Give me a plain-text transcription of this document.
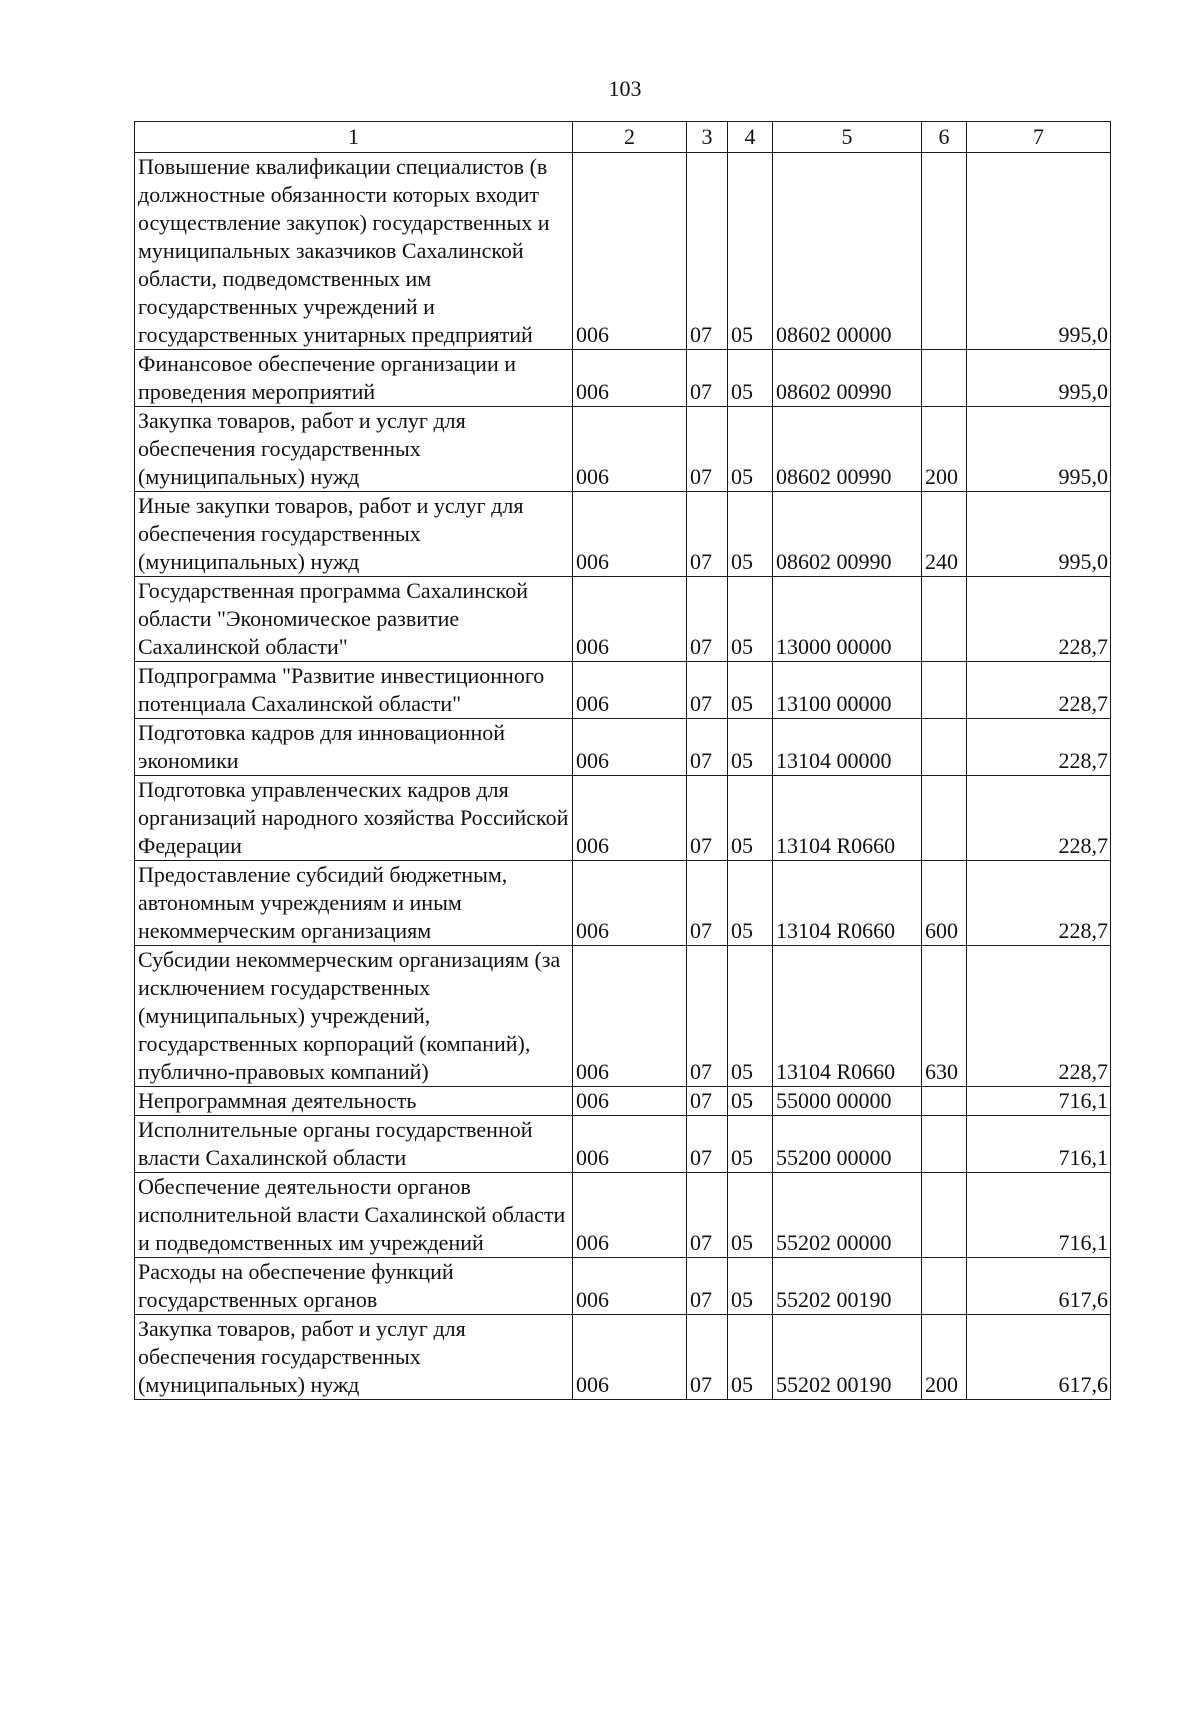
103
1	2	3	4	5	6	7
Повышение квалификации специалистов (в должностные обязанности которых входит осуществление закупок) государственных и муниципальных заказчиков Сахалинской области, подведомственных им государственных учреждений и государственных унитарных предприятий	006	07	05	08602 00000		995,0
Финансовое обеспечение организации и проведения мероприятий	006	07	05	08602 00990		995,0
Закупка товаров, работ и услуг для обеспечения государственных (муниципальных) нужд	006	07	05	08602 00990	200	995,0
Иные закупки товаров, работ и услуг для обеспечения государственных (муниципальных) нужд	006	07	05	08602 00990	240	995,0
Государственная программа Сахалинской области "Экономическое развитие Сахалинской области"	006	07	05	13000 00000		228,7
Подпрограмма "Развитие инвестиционного потенциала Сахалинской области"	006	07	05	13100 00000		228,7
Подготовка кадров для инновационной экономики	006	07	05	13104 00000		228,7
Подготовка управленческих кадров для организаций народного хозяйства Российской Федерации	006	07	05	13104 R0660		228,7
Предоставление субсидий бюджетным, автономным учреждениям и иным некоммерческим организациям	006	07	05	13104 R0660	600	228,7
Субсидии некоммерческим организациям (за исключением государственных (муниципальных) учреждений, государственных корпораций (компаний), публично-правовых компаний)	006	07	05	13104 R0660	630	228,7
Непрограммная деятельность	006	07	05	55000 00000		716,1
Исполнительные органы государственной власти Сахалинской области	006	07	05	55200 00000		716,1
Обеспечение деятельности органов исполнительной власти Сахалинской области и подведомственных им учреждений	006	07	05	55202 00000		716,1
Расходы на обеспечение функций государственных органов	006	07	05	55202 00190		617,6
Закупка товаров, работ и услуг для обеспечения государственных (муниципальных) нужд	006	07	05	55202 00190	200	617,6
